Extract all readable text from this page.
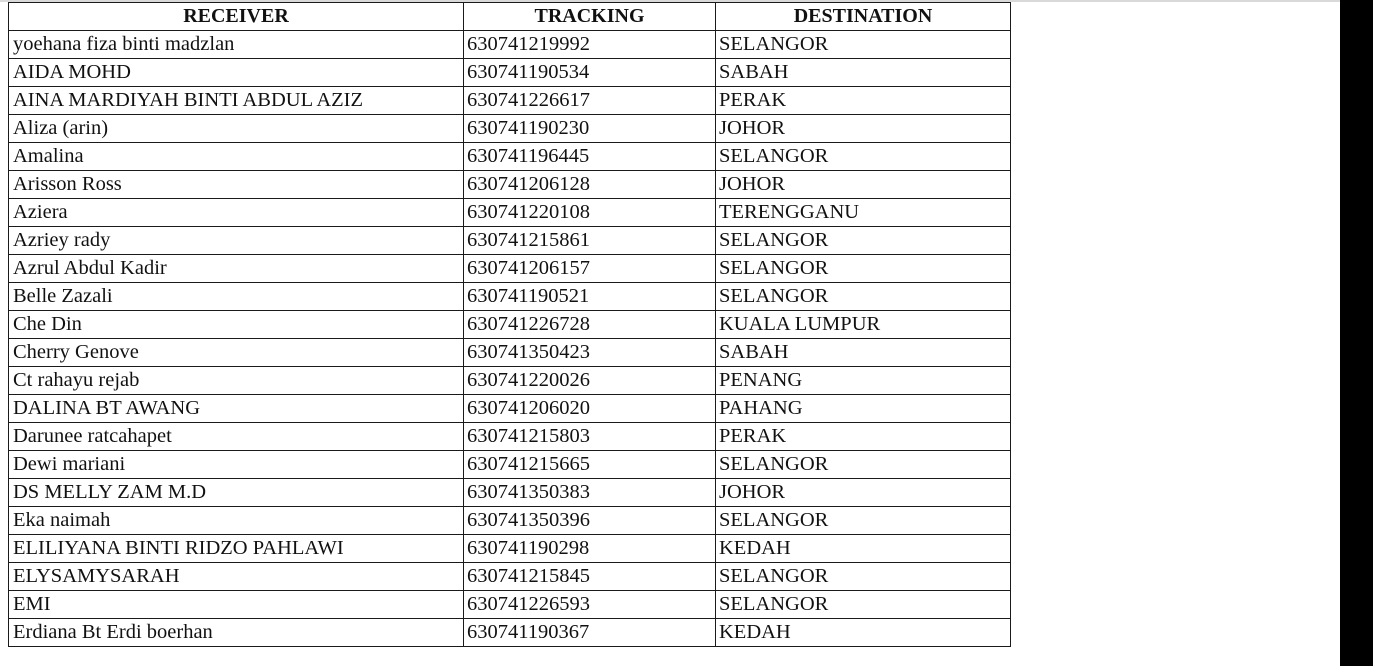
RECEIVER	TRACKING	DESTINATION
yoehana fiza binti madzlan	630741219992	SELANGOR
AIDA MOHD	630741190534	SABAH
AINA MARDIYAH BINTI ABDUL AZIZ	630741226617	PERAK
Aliza (arin)	630741190230	JOHOR
Amalina	630741196445	SELANGOR
Arisson Ross	630741206128	JOHOR
Aziera	630741220108	TERENGGANU
Azriey rady	630741215861	SELANGOR
Azrul Abdul Kadir	630741206157	SELANGOR
Belle Zazali	630741190521	SELANGOR
Che Din	630741226728	KUALA LUMPUR
Cherry Genove	630741350423	SABAH
Ct rahayu rejab	630741220026	PENANG
DALINA BT AWANG	630741206020	PAHANG
Darunee ratcahapet	630741215803	PERAK
Dewi mariani	630741215665	SELANGOR
DS MELLY ZAM M.D	630741350383	JOHOR
Eka naimah	630741350396	SELANGOR
ELILIYANA BINTI RIDZO PAHLAWI	630741190298	KEDAH
ELYSAMYSARAH	630741215845	SELANGOR
EMI	630741226593	SELANGOR
Erdiana Bt Erdi boerhan	630741190367	KEDAH
